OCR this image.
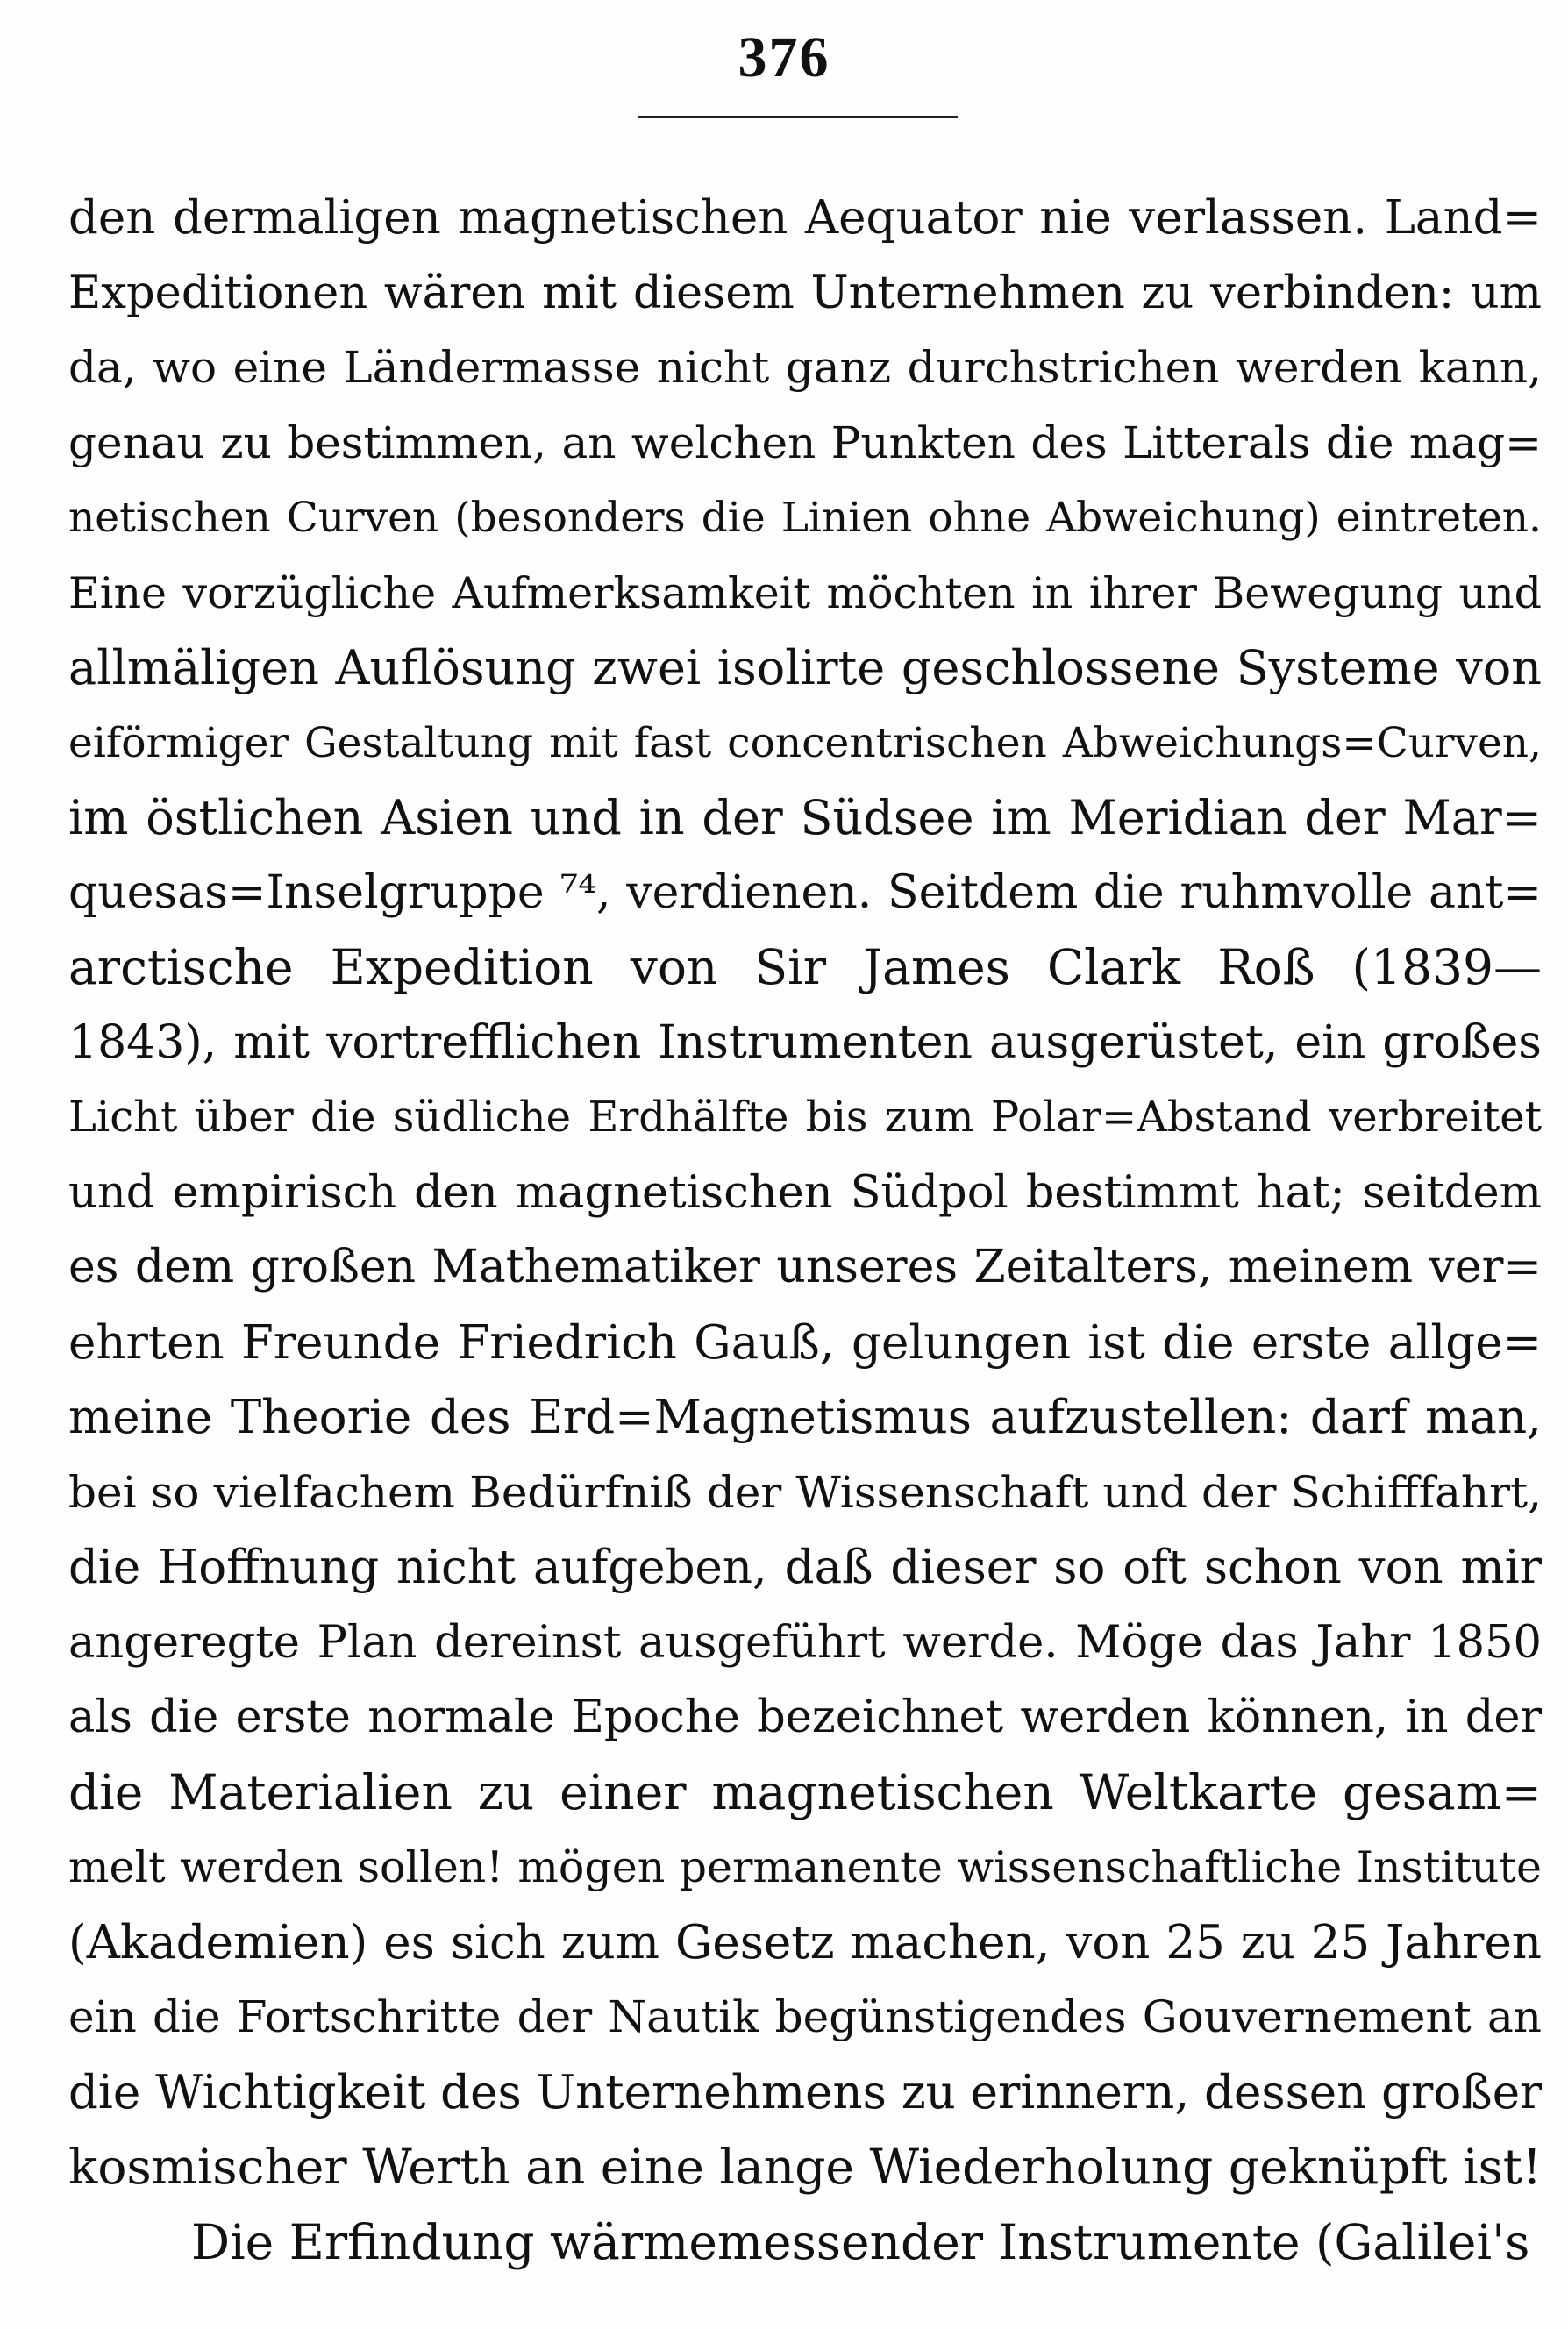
376
den dermaligen magnetischen Aequator nie verlassen. Land=
Expeditionen wären mit diesem Unternehmen zu verbinden: um
da, wo eine Ländermasse nicht ganz durchstrichen werden kann,
genau zu bestimmen, an welchen Punkten des Litterals die mag=
netischen Curven (besonders die Linien ohne Abweichung) eintreten.
Eine vorzügliche Aufmerksamkeit möchten in ihrer Bewegung und
allmäligen Auflösung zwei isolirte geschlossene Systeme von
eiförmiger Gestaltung mit fast concentrischen Abweichungs=Curven,
im östlichen Asien und in der Südsee im Meridian der Mar=
quesas=Inselgruppe ⁷⁴, verdienen. Seitdem die ruhmvolle ant=
arctische Expedition von Sir James Clark Roß (1839—
1843), mit vortrefflichen Instrumenten ausgerüstet, ein großes
Licht über die südliche Erdhälfte bis zum Polar=Abstand verbreitet
und empirisch den magnetischen Südpol bestimmt hat; seitdem
es dem großen Mathematiker unseres Zeitalters, meinem ver=
ehrten Freunde Friedrich Gauß, gelungen ist die erste allge=
meine Theorie des Erd=Magnetismus aufzustellen: darf man,
bei so vielfachem Bedürfniß der Wissenschaft und der Schifffahrt,
die Hoffnung nicht aufgeben, daß dieser so oft schon von mir
angeregte Plan dereinst ausgeführt werde. Möge das Jahr 1850
als die erste normale Epoche bezeichnet werden können, in der
die Materialien zu einer magnetischen Weltkarte gesam=
melt werden sollen! mögen permanente wissenschaftliche Institute
(Akademien) es sich zum Gesetz machen, von 25 zu 25 Jahren
ein die Fortschritte der Nautik begünstigendes Gouvernement an
die Wichtigkeit des Unternehmens zu erinnern, dessen großer
kosmischer Werth an eine lange Wiederholung geknüpft ist!
Die Erfindung wärmemessender Instrumente (Galilei's
